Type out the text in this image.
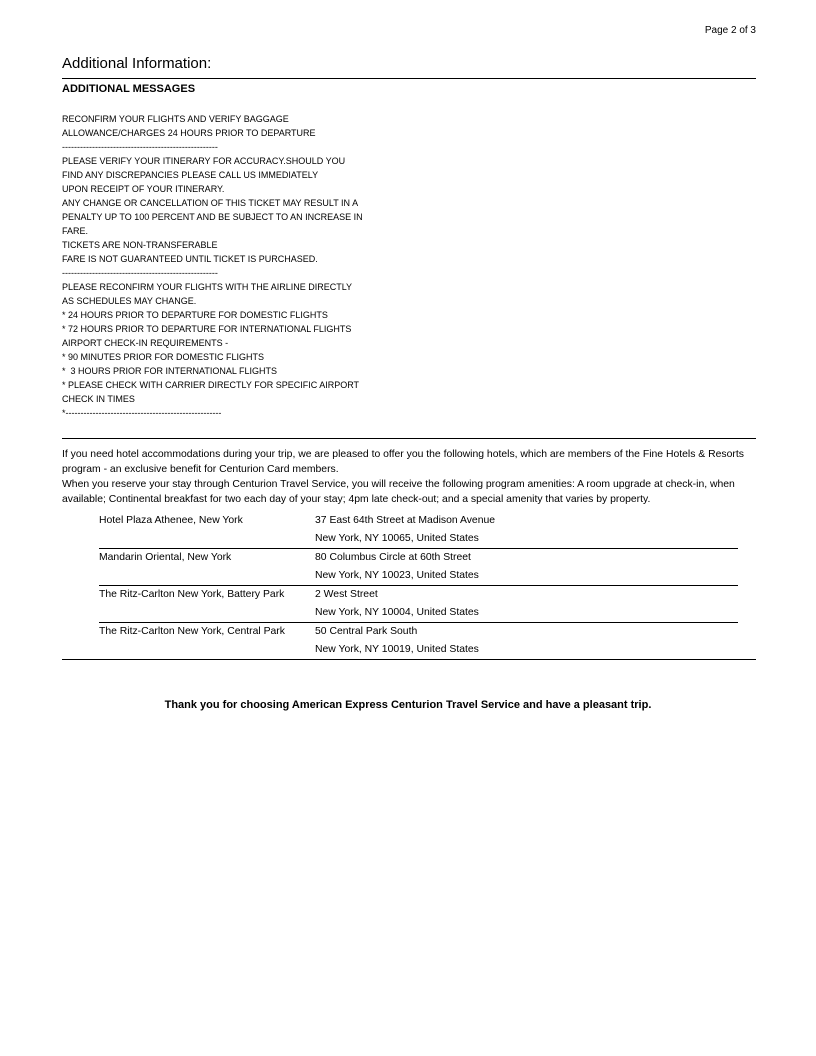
Page 2 of 3
Additional Information:
ADDITIONAL MESSAGES
RECONFIRM YOUR FLIGHTS AND VERIFY BAGGAGE
ALLOWANCE/CHARGES 24 HOURS PRIOR TO DEPARTURE
----------------------------------------------------
PLEASE VERIFY YOUR ITINERARY FOR ACCURACY.SHOULD YOU
FIND ANY DISCREPANCIES PLEASE CALL US IMMEDIATELY
UPON RECEIPT OF YOUR ITINERARY.
ANY CHANGE OR CANCELLATION OF THIS TICKET MAY RESULT IN A
PENALTY UP TO 100 PERCENT AND BE SUBJECT TO AN INCREASE IN
FARE.
TICKETS ARE NON-TRANSFERABLE
FARE IS NOT GUARANTEED UNTIL TICKET IS PURCHASED.
----------------------------------------------------
PLEASE RECONFIRM YOUR FLIGHTS WITH THE AIRLINE DIRECTLY
AS SCHEDULES MAY CHANGE.
* 24 HOURS PRIOR TO DEPARTURE FOR DOMESTIC FLIGHTS
* 72 HOURS PRIOR TO DEPARTURE FOR INTERNATIONAL FLIGHTS
AIRPORT CHECK-IN REQUIREMENTS -
* 90 MINUTES PRIOR FOR DOMESTIC FLIGHTS
*  3 HOURS PRIOR FOR INTERNATIONAL FLIGHTS
* PLEASE CHECK WITH CARRIER DIRECTLY FOR SPECIFIC AIRPORT
CHECK IN TIMES
*----------------------------------------------------

If you need hotel accommodations during your trip, we are pleased to offer you the following hotels, which are members of the Fine Hotels & Resorts program - an exclusive benefit for Centurion Card members.

When you reserve your stay through Centurion Travel Service, you will receive the following program amenities: A room upgrade at check-in, when available; Continental breakfast for two each day of your stay; 4pm late check-out; and a special amenity that varies by property.

Hotel Plaza Athenee, New York	37 East 64th Street at Madison Avenue
New York, NY 10065, United States
Mandarin Oriental, New York	80 Columbus Circle at 60th Street
New York, NY 10023, United States
The Ritz-Carlton New York, Battery Park	2 West Street
New York, NY 10004, United States
The Ritz-Carlton New York, Central Park	50 Central Park South
New York, NY 10019, United States
Thank you for choosing American Express Centurion Travel Service and have a pleasant trip.
